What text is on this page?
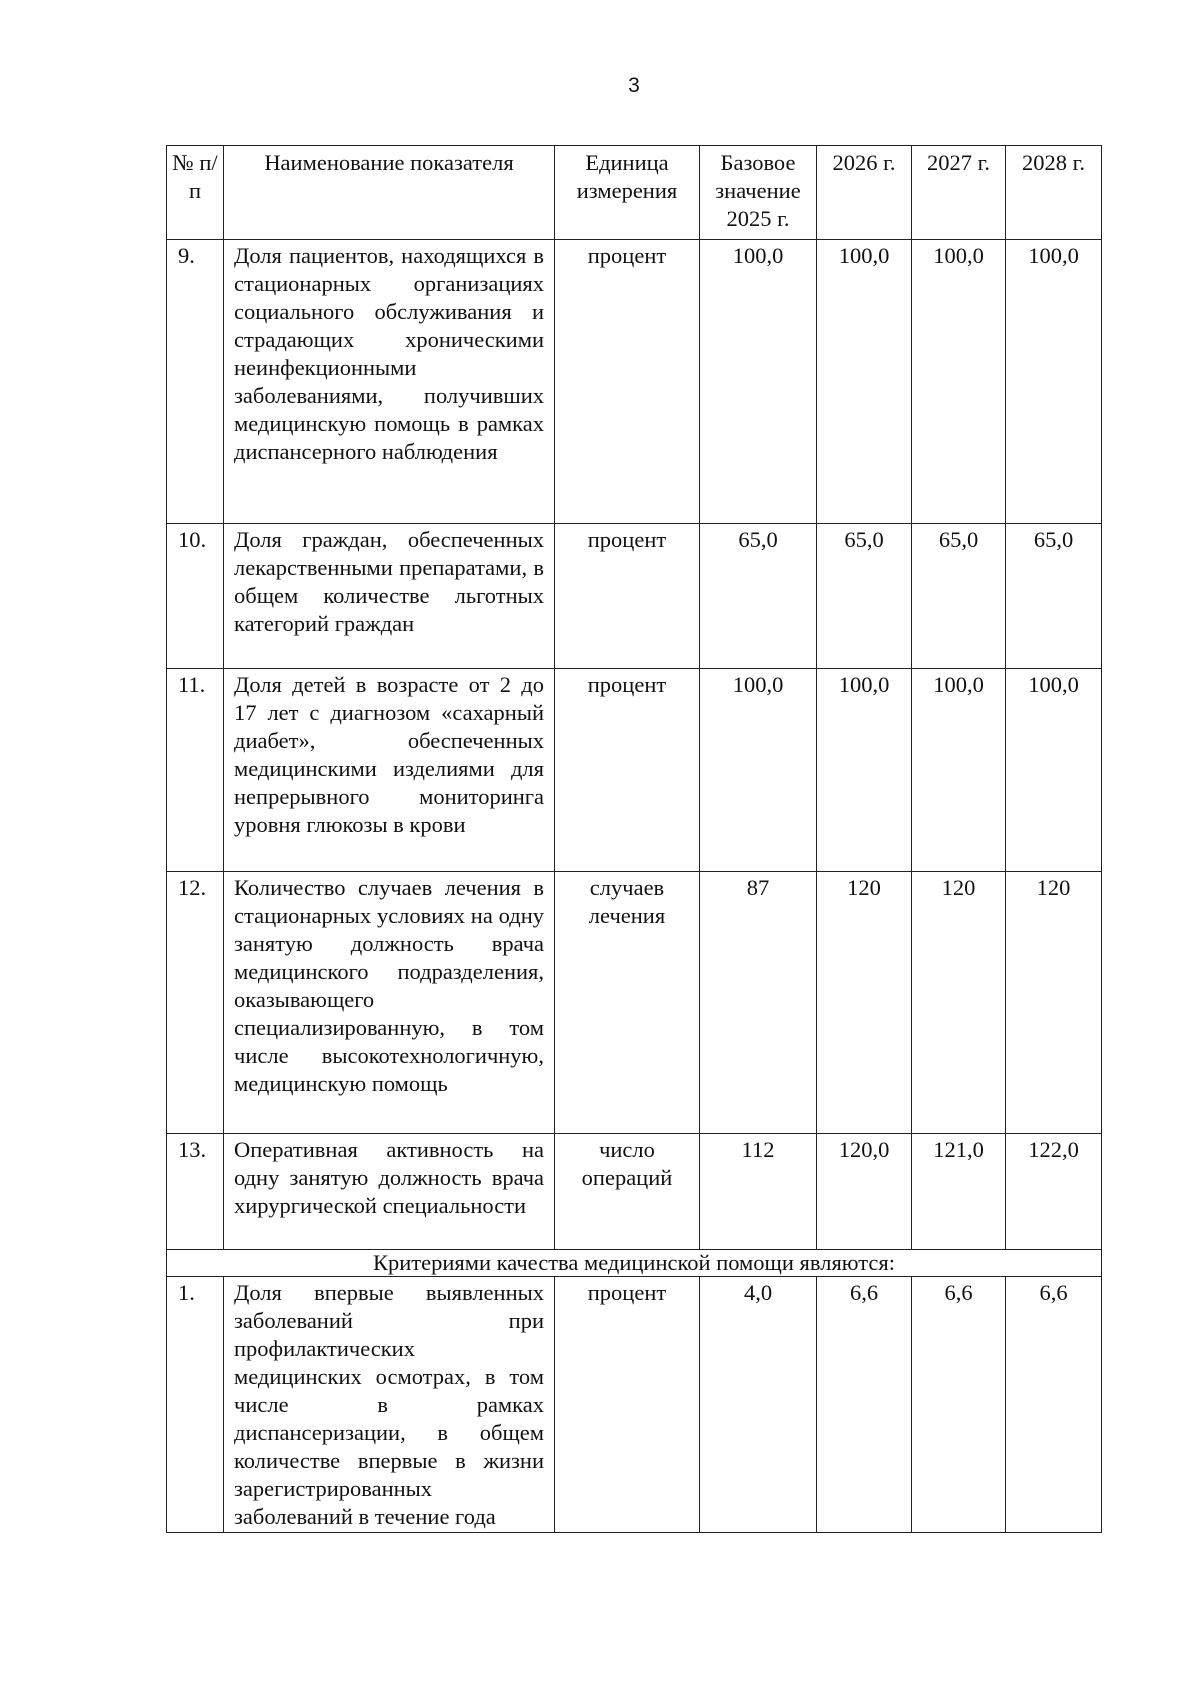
3
№ п/п	Наименование показателя	Единица измерения	Базовое значение 2025 г.	2026 г.	2027 г.	2028 г.
9.	Доля пациентов, находящихся в стационарных организациях социального обслуживания и страдающих хроническими неинфекционными заболеваниями, получивших медицинскую помощь в рамках диспансерного наблюдения	процент	100,0	100,0	100,0	100,0
10.	Доля граждан, обеспеченных лекарственными препаратами, в общем количестве льготных категорий граждан	процент	65,0	65,0	65,0	65,0
11.	Доля детей в возрасте от 2 до 17 лет с диагнозом «сахарный диабет», обеспеченных медицинскими изделиями для непрерывного мониторинга уровня глюкозы в крови	процент	100,0	100,0	100,0	100,0
12.	Количество случаев лечения в стационарных условиях на одну занятую должность врача медицинского подразделения, оказывающего специализированную, в том числе высокотехнологичную, медицинскую помощь	случаев лечения	87	120	120	120
13.	Оперативная активность на одну занятую должность врача хирургической специальности	число операций	112	120,0	121,0	122,0
Критериями качества медицинской помощи являются:						
1.	Доля впервые выявленных заболеваний при профилактических медицинских осмотрах, в том числе в рамках диспансеризации, в общем количестве впервые в жизни зарегистрированных заболеваний в течение года	процент	4,0	6,6	6,6	6,6
